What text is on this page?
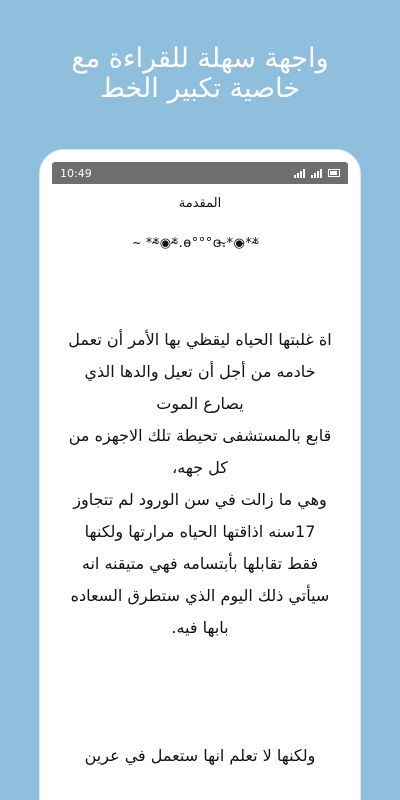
واجهة سهلة للقراءة مع
خاصية تكبير الخط
10:49
المقدمة
̴ **̴◉*̴.ɵ°°°ɞ.̴*◉̴**̴

اة غلبتها الحياه ليقظي بها الأمر أن تعمل

خادمه من أجل أن تعيل والدها الذي يصارع الموت

قابع بالمستشفى تحيطة تلك الاجهزه من كل جهه،

وهي ما زالت في سن الورود لم تتجاوز 17سنه اذاقتها الحياه مرارتها ولكنها

فقط تقابلها بأبتسامه فهي متيقنه انه

سيأتي ذلك اليوم الذي ستطرق السعاده بابها فيه.

ولكنها لا تعلم انها ستعمل في عرين
